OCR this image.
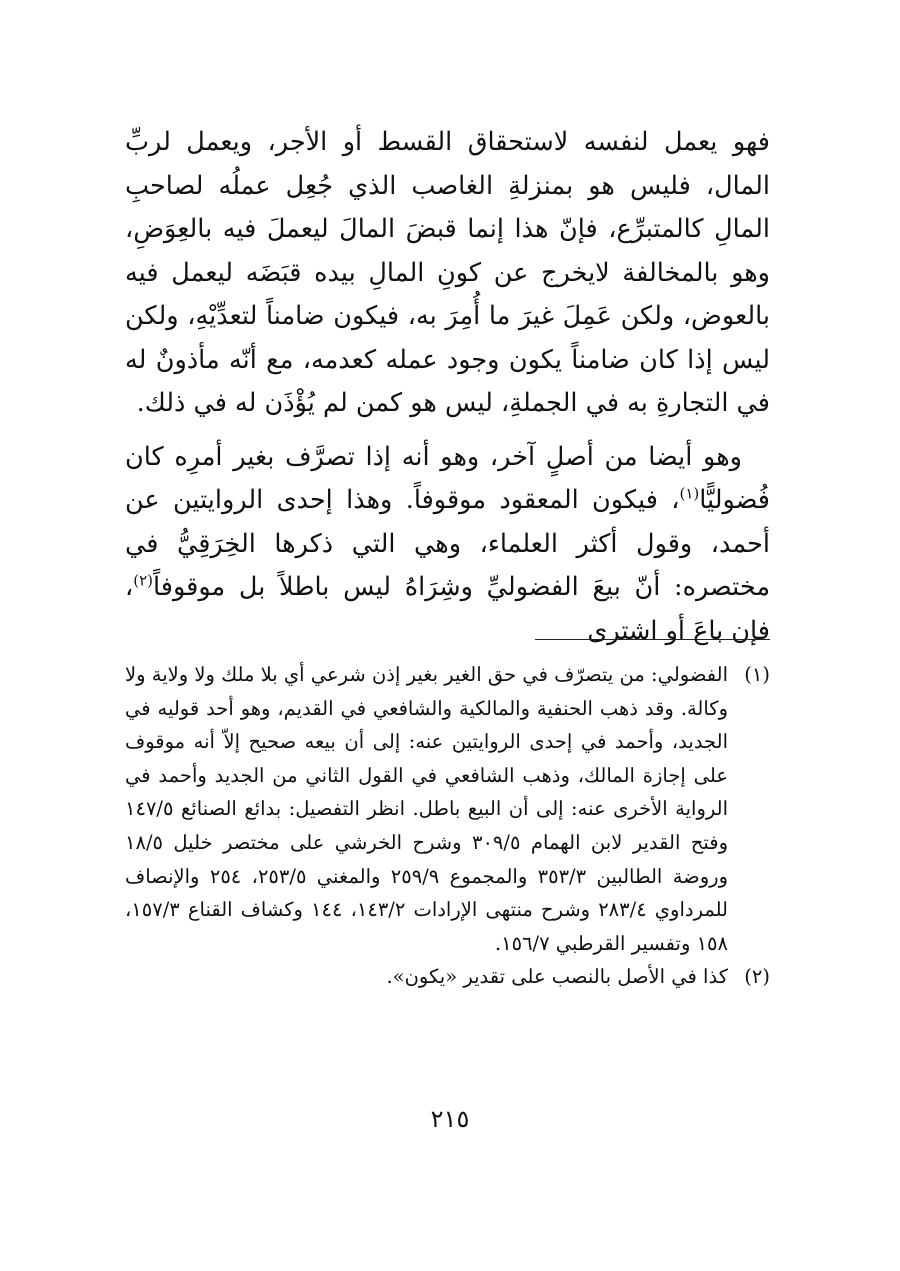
فهو يعمل لنفسه لاستحقاق القسط أو الأجر، ويعمل لربِّ المال، فليس هو بمنزلةِ الغاصب الذي جُعِل عملُه لصاحبِ المالِ كالمتبرِّع، فإنّ هذا إنما قبضَ المالَ ليعملَ فيه بالعِوَضِ، وهو بالمخالفة لايخرج عن كونِ المالِ بيده قبَضَه ليعمل فيه بالعوض، ولكن عَمِلَ غيرَ ما أُمِرَ به، فيكون ضامناً لتعدِّيْهِ، ولكن ليس إذا كان ضامناً يكون وجود عمله كعدمه، مع أنّه مأذونٌ له في التجارةِ به في الجملةِ، ليس هو كمن لم يُؤْذَن له في ذلك.

وهو أيضا من أصلٍ آخر، وهو أنه إذا تصرَّف بغير أمرِه كان فُضوليًّا$^{(١)}$، فيكون المعقود موقوفاً. وهذا إحدى الروايتين عن أحمد، وقول أكثر العلماء، وهي التي ذكرها الخِرَقِيُّ في مختصره: أنّ بيعَ الفضوليِّ وشِرَاهُ ليس باطلاً بل موقوفاً$^{(٢)}$، فإن باعَ أو اشترى

(١)
الفضولي: من يتصرّف في حق الغير بغير إذن شرعي أي بلا ملك ولا ولاية ولا وكالة. وقد ذهب الحنفية والمالكية والشافعي في القديم، وهو أحد قوليه في الجديد، وأحمد في إحدى الروايتين عنه: إلى أن بيعه صحيح إلاّ أنه موقوف على إجازة المالك، وذهب الشافعي في القول الثاني من الجديد وأحمد في الرواية الأخرى عنه: إلى أن البيع باطل. انظر التفصيل: بدائع الصنائع ١٤٧/٥ وفتح القدير لابن الهمام ٣٠٩/٥ وشرح الخرشي على مختصر خليل ١٨/٥ وروضة الطالبين ٣٥٣/٣ والمجموع ٢٥٩/٩ والمغني ٢٥٣/٥، ٢٥٤ والإنصاف للمرداوي ٢٨٣/٤ وشرح منتهى الإرادات ١٤٣/٢، ١٤٤ وكشاف القناع ١٥٧/٣، ١٥٨ وتفسير القرطبي ١٥٦/٧.
(٢)
كذا في الأصل بالنصب على تقدير «يكون».
٢١٥
